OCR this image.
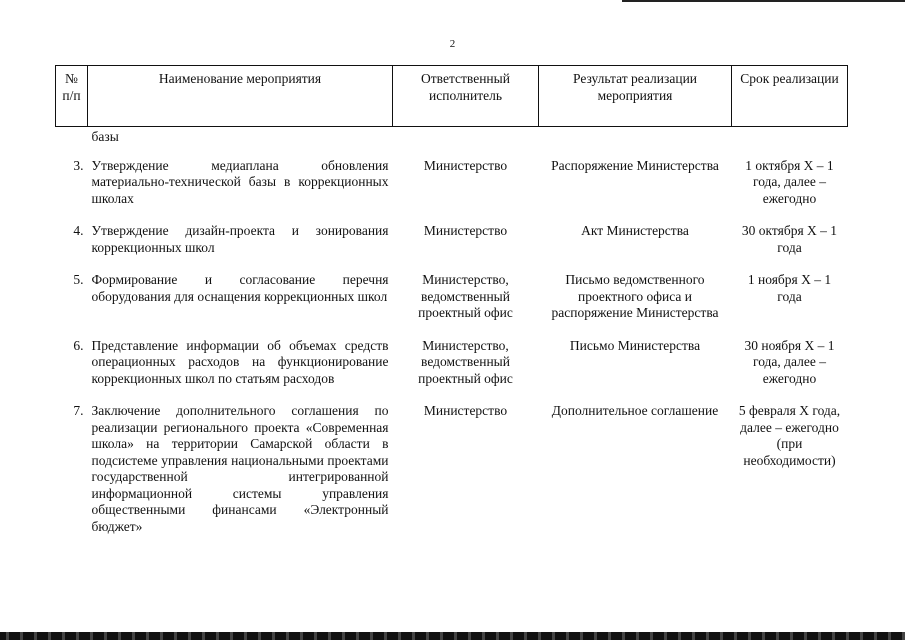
2
№ п/п	Наименование мероприятия	Ответственный исполнитель	Результат реализации мероприятия	Срок реализации
	базы			
3.	Утверждение медиаплана обновления материально-технической базы в коррекционных школах	Министерство	Распоряжение Министерства	1 октября Х – 1 года, далее – ежегодно
4.	Утверждение дизайн-проекта и зонирования коррекционных школ	Министерство	Акт Министерства	30 октября Х – 1 года
5.	Формирование и согласование перечня оборудования для оснащения коррекционных школ	Министерство, ведомственный проектный офис	Письмо ведомственного проектного офиса и распоряжение Министерства	1 ноября Х – 1 года
6.	Представление информации об объемах средств операционных расходов на функционирование коррекционных школ по статьям расходов	Министерство, ведомственный проектный офис	Письмо Министерства	30 ноября Х – 1 года, далее – ежегодно
7.	Заключение дополнительного соглашения по реализации регионального проекта «Современная школа» на территории Самарской области в подсистеме управления национальными проектами государственной интегрированной информационной системы управления общественными финансами «Электронный бюджет»	Министерство	Дополнительное соглашение	5 февраля Х года, далее – ежегодно (при необходимости)
